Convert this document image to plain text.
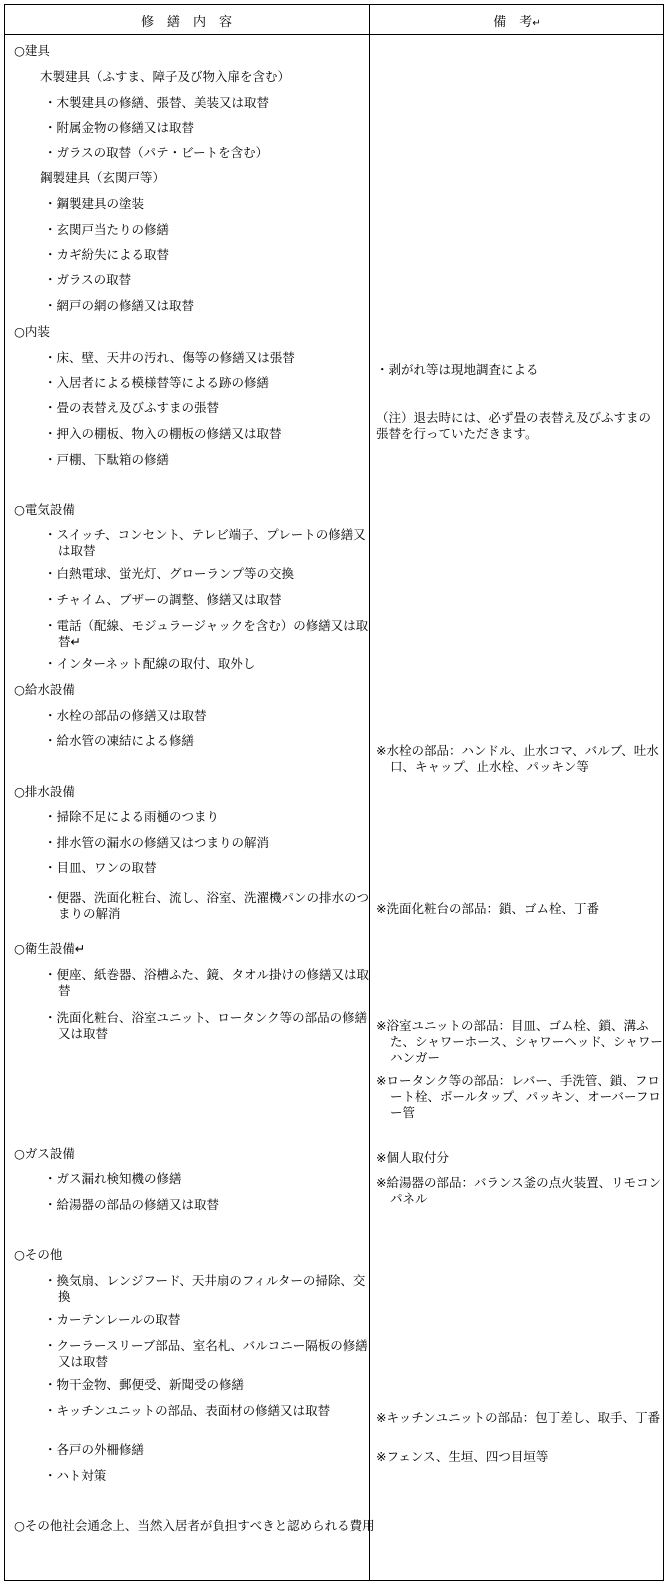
修　繕　内　容	備　考↵
○建具
木製建具（ふすま、障子及び物入扉を含む）
・木製建具の修繕、張替、美装又は取替
・附属金物の修繕又は取替
・ガラスの取替（パテ・ビートを含む）
鋼製建具（玄関戸等）
・鋼製建具の塗装
・玄関戸当たりの修繕
・カギ紛失による取替
・ガラスの取替
・網戸の網の修繕又は取替
○内装
・床、壁、天井の汚れ、傷等の修繕又は張替
・入居者による模様替等による跡の修繕
・畳の表替え及びふすまの張替
・押入の棚板、物入の棚板の修繕又は取替
・戸棚、下駄箱の修繕
○電気設備
・スイッチ、コンセント、テレビ端子、プレートの修繕又は取替
・白熱電球、蛍光灯、グローランプ等の交換
・チャイム、ブザーの調整、修繕又は取替
・電話（配線、モジュラージャックを含む）の修繕又は取替↵
・インターネット配線の取付、取外し
○給水設備
・水栓の部品の修繕又は取替
・給水管の凍結による修繕
○排水設備
・掃除不足による雨樋のつまり
・排水管の漏水の修繕又はつまりの解消
・目皿、ワンの取替
・便器、洗面化粧台、流し、浴室、洗濯機パンの排水のつまりの解消
○衛生設備↵
・便座、紙巻器、浴槽ふた、鏡、タオル掛けの修繕又は取替
・洗面化粧台、浴室ユニット、ロータンク等の部品の修繕又は取替
○ガス設備
・ガス漏れ検知機の修繕
・給湯器の部品の修繕又は取替
○その他
・換気扇、レンジフード、天井扇のフィルターの掃除、交換
・カーテンレールの取替
・クーラースリーブ部品、室名札、バルコニー隔板の修繕又は取替
・物干金物、郵便受、新聞受の修繕
・キッチンユニットの部品、表面材の修繕又は取替
・各戸の外柵修繕
・ハト対策
○その他社会通念上、当然入居者が負担すべきと認められる費用
・剥がれ等は現地調査による
（注）退去時には、必ず畳の表替え及びふすまの張替を行っていただきます。
※水栓の部品：ハンドル、止水コマ、バルブ、吐水口、キャップ、止水栓、パッキン等
※洗面化粧台の部品：鎖、ゴム栓、丁番
※浴室ユニットの部品：目皿、ゴム栓、鎖、溝ふた、シャワーホース、シャワーヘッド、シャワーハンガー
※ロータンク等の部品：レバー、手洗管、鎖、フロート栓、ボールタップ、パッキン、オーバーフロー管
※個人取付分
※給湯器の部品：バランス釜の点火装置、リモコンパネル
※キッチンユニットの部品：包丁差し、取手、丁番
※フェンス、生垣、四つ目垣等
